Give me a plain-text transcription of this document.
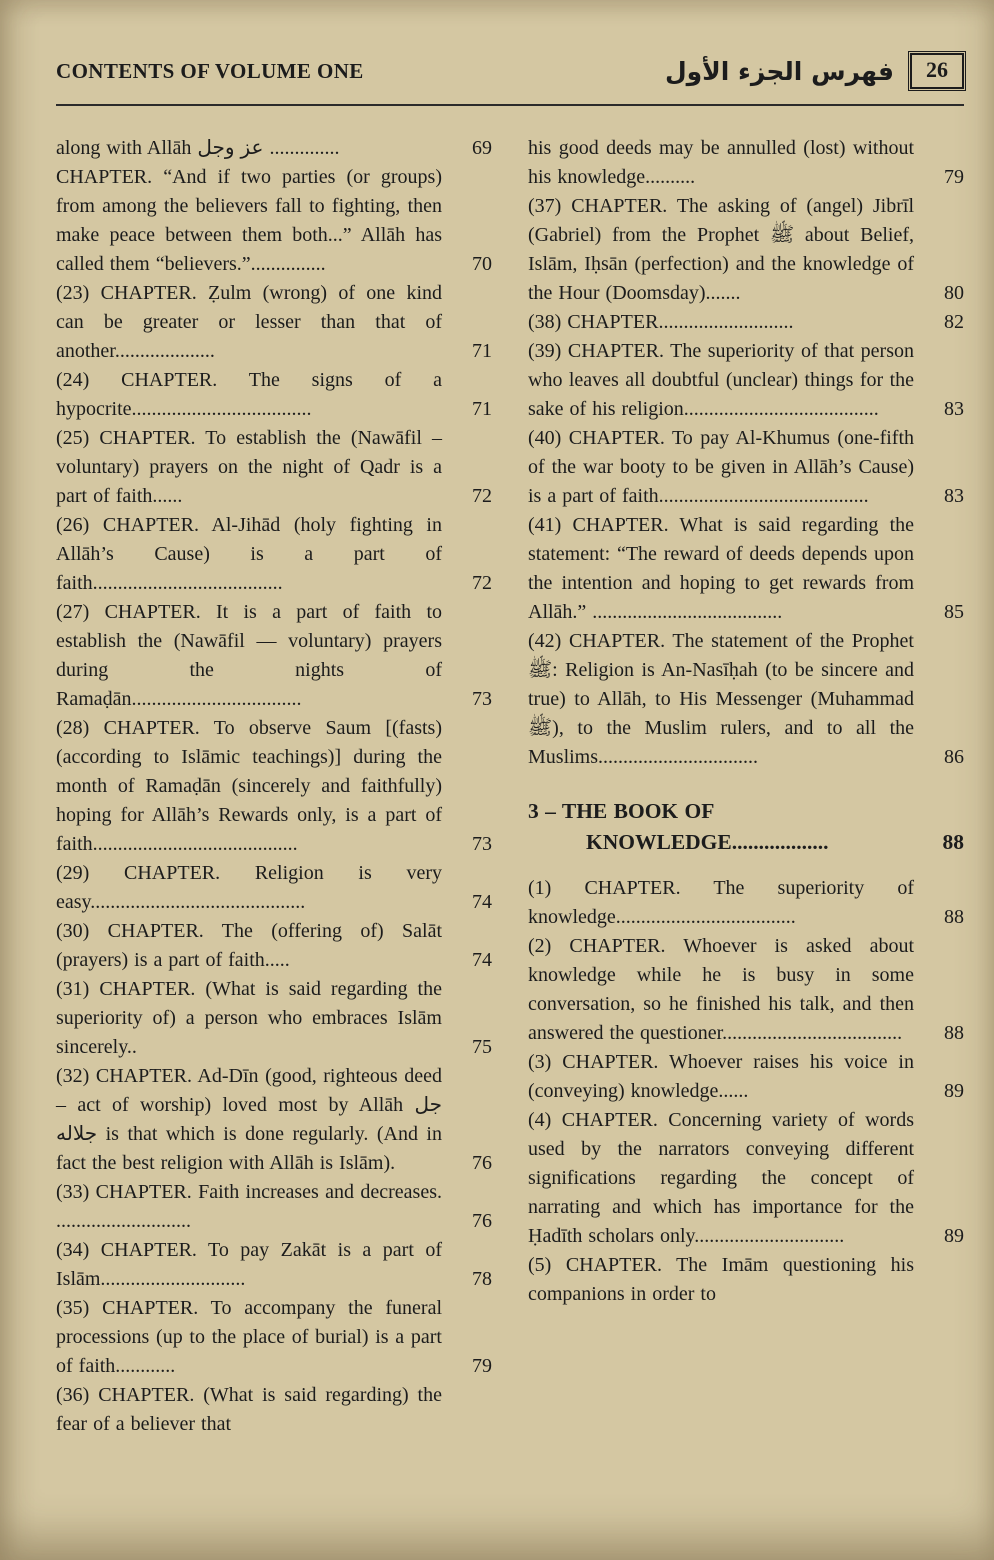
CONTENTS OF VOLUME ONE	فهرس الجزء الأول	26
along with Allāh عز وجل ..............	69
CHAPTER. “And if two parties (or groups) from among the believers fall to fighting, then make peace between them both...” Allāh has called them “believers.”...............	70
(23) CHAPTER. Ẓulm (wrong) of one kind can be greater or lesser than that of another....................	71
(24) CHAPTER. The signs of a hypocrite....................................	71
(25) CHAPTER. To establish the (Nawāfil – voluntary) prayers on the night of Qadr is a part of faith......	72
(26) CHAPTER. Al-Jihād (holy fighting in Allāh’s Cause) is a part of faith......................................	72
(27) CHAPTER. It is a part of faith to establish the (Nawāfil — voluntary) prayers during the nights of Ramaḍān..................................	73
(28) CHAPTER. To observe Saum [(fasts) (according to Islāmic teachings)] during the month of Ramaḍān (sincerely and faithfully) hoping for Allāh’s Rewards only, is a part of faith.........................................	73
(29) CHAPTER. Religion is very easy...........................................	74
(30) CHAPTER. The (offering of) Salāt (prayers) is a part of faith.....	74
(31) CHAPTER. (What is said regarding the superiority of) a person who embraces Islām sincerely..	75
(32) CHAPTER. Ad-Dīn (good, righteous deed – act of worship) loved most by Allāh جل جلاله is that which is done regularly. (And in fact the best religion with Allāh is Islām).	76
(33) CHAPTER. Faith increases and decreases. ...........................	76
(34) CHAPTER. To pay Zakāt is a part of Islām.............................	78
(35) CHAPTER. To accompany the funeral processions (up to the place of burial) is a part of faith............	79
(36) CHAPTER. (What is said regarding) the fear of a believer that
his good deeds may be annulled (lost) without his knowledge..........	79
(37) CHAPTER. The asking of (angel) Jibrīl (Gabriel) from the Prophet ﷺ about Belief, Islām, Iḥsān (perfection) and the knowledge of the Hour (Doomsday).......	80
(38) CHAPTER...........................	82
(39) CHAPTER. The superiority of that person who leaves all doubtful (unclear) things for the sake of his religion.......................................	83
(40) CHAPTER. To pay Al-Khumus (one-fifth of the war booty to be given in Allāh’s Cause) is a part of faith..........................................	83
(41) CHAPTER. What is said regarding the statement: “The reward of deeds depends upon the intention and hoping to get rewards from Allāh.” ......................................	85
(42) CHAPTER. The statement of the Prophet ﷺ: Religion is An-Nasīḥah (to be sincere and true) to Allāh, to His Messenger (Muhammad ﷺ), to the Muslim rulers, and to all the Muslims................................	86
3 – THE BOOK OF
KNOWLEDGE..................	88
(1) CHAPTER. The superiority of knowledge....................................	88
(2) CHAPTER. Whoever is asked about knowledge while he is busy in some conversation, so he finished his talk, and then answered the questioner.................................... 88
(3) CHAPTER. Whoever raises his voice in (conveying) knowledge......	89
(4) CHAPTER. Concerning variety of words used by the narrators conveying different significations regarding the concept of narrating and which has importance for the Ḥadīth scholars only..............................	89
(5) CHAPTER. The Imām questioning his companions in order to
